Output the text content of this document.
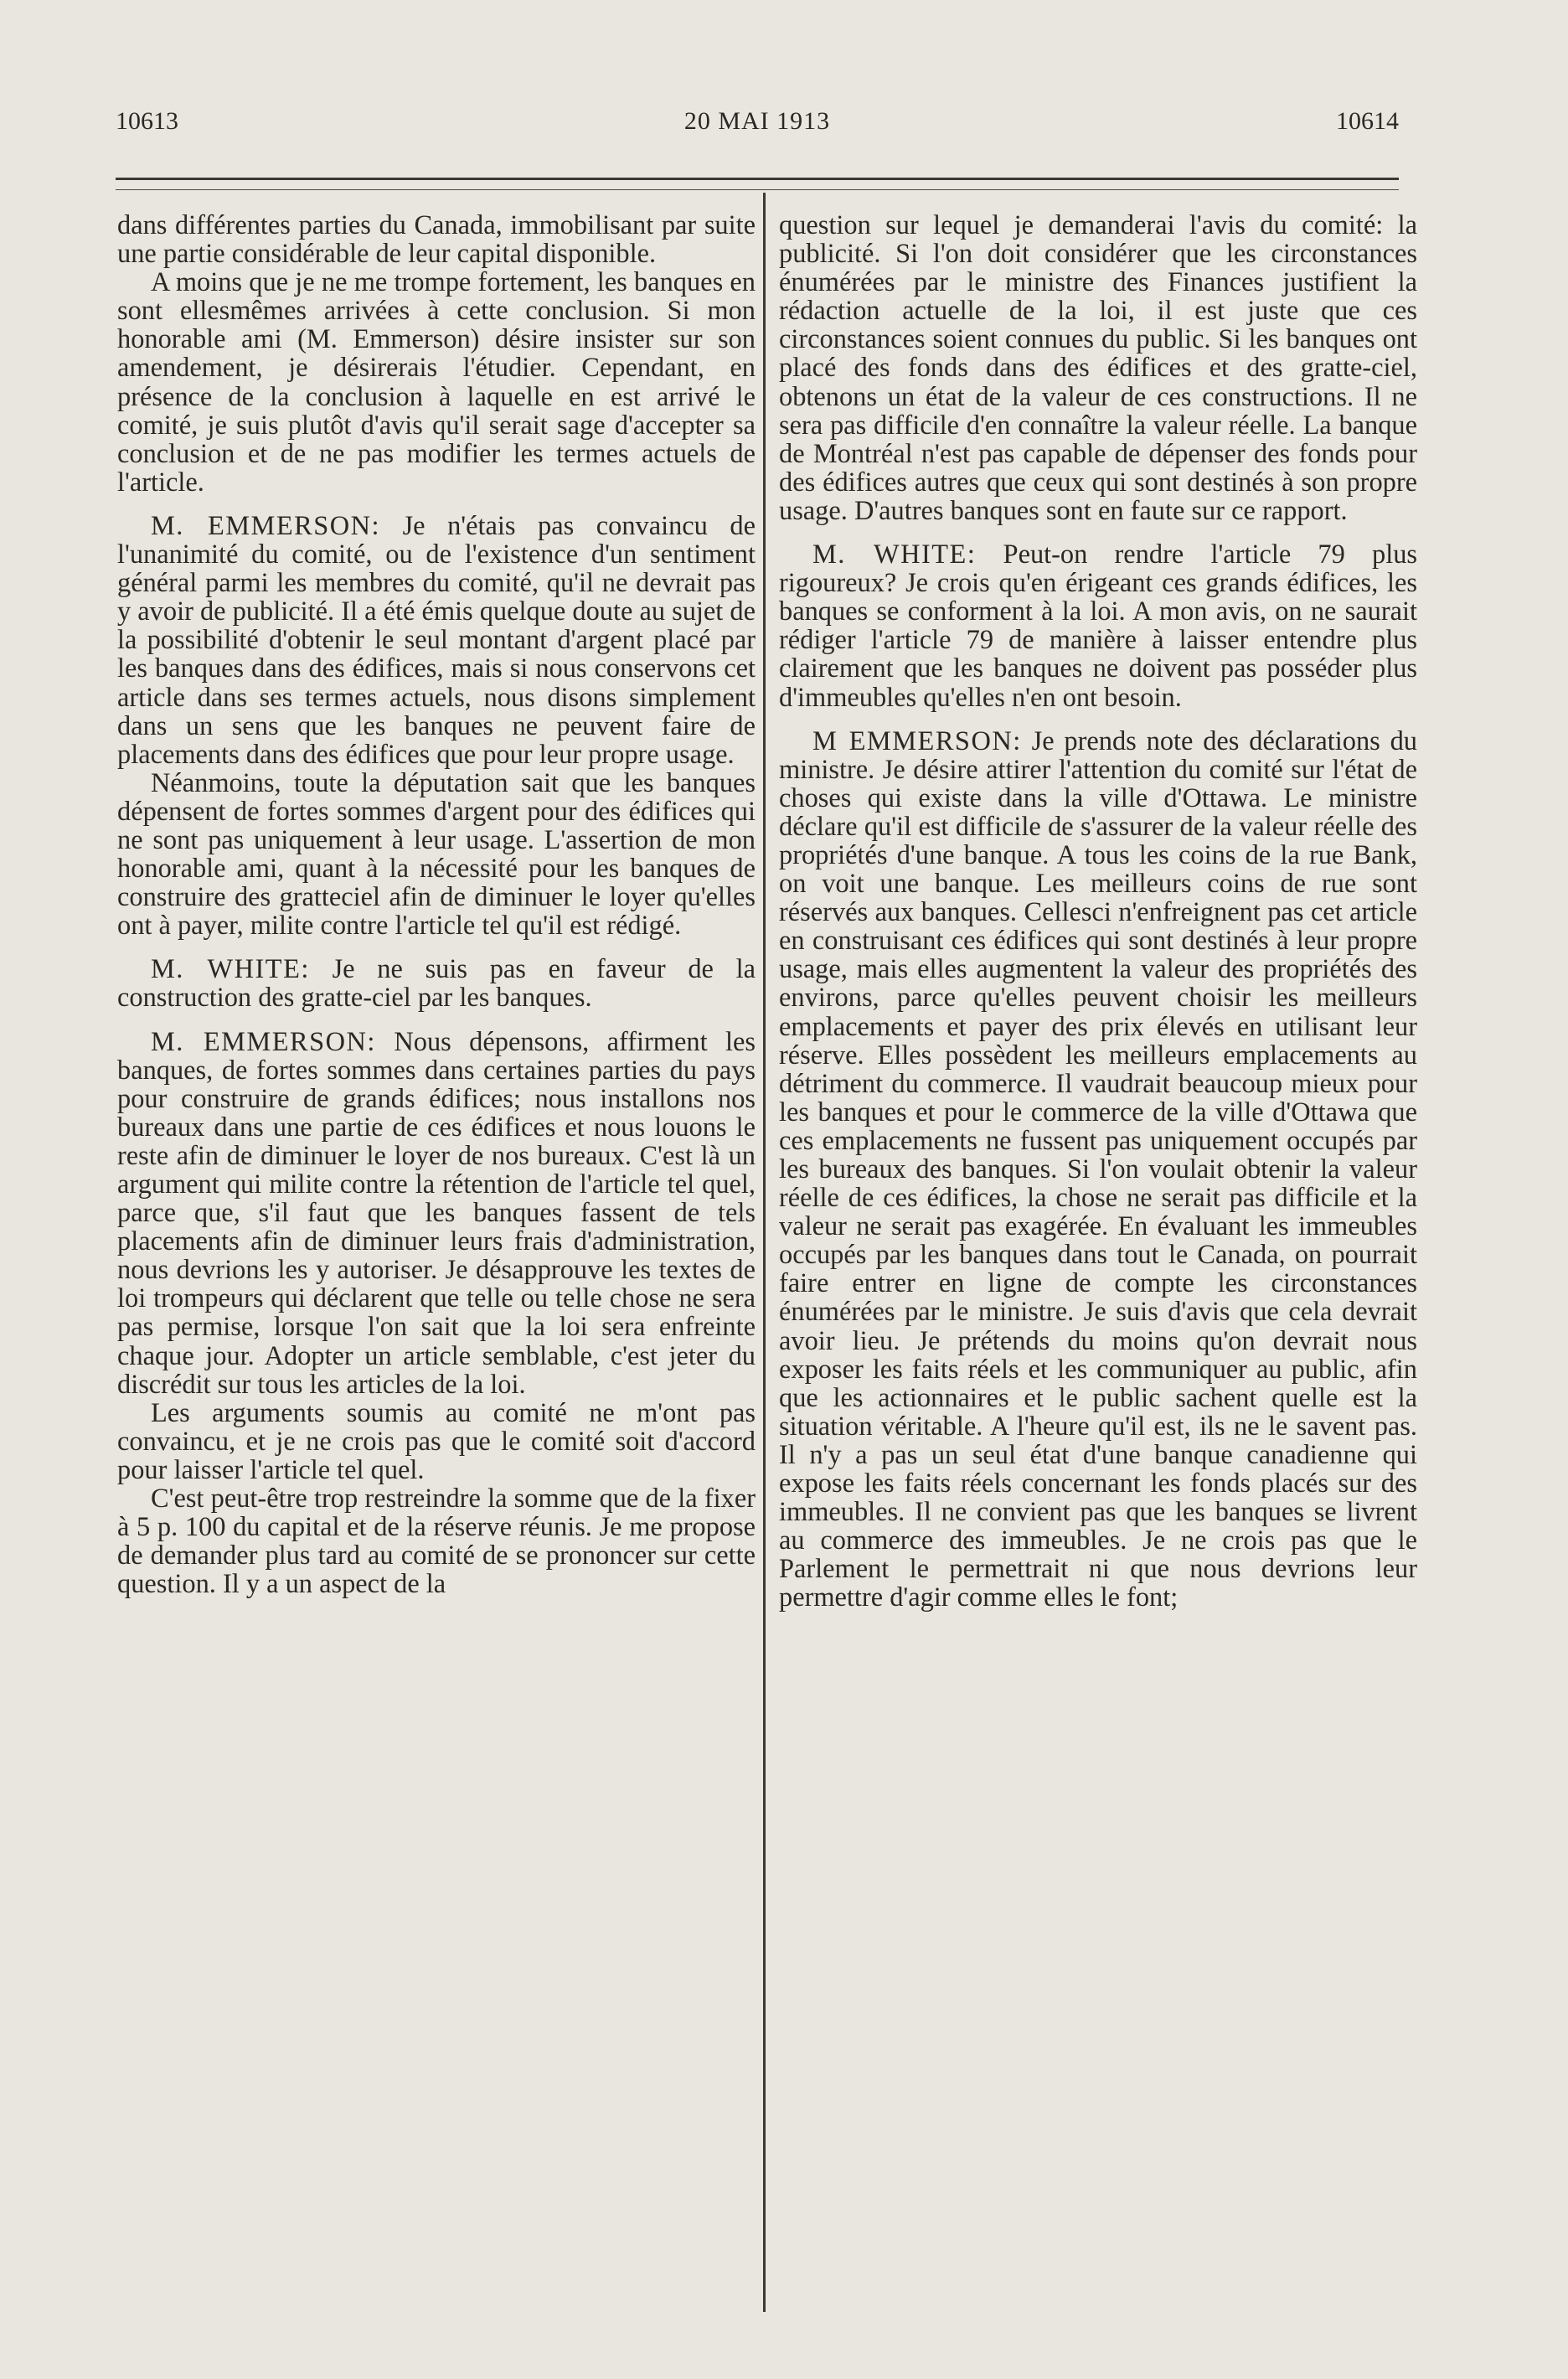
10613	20 MAI 1913	10614

dans différentes parties du Canada, immobilisant par suite une partie considérable de leur capital disponible.

A moins que je ne me trompe fortement, les banques en sont ellesmêmes arrivées à cette conclusion. Si mon honorable ami (M. Emmerson) désire insister sur son amendement, je désirerais l'étudier. Cependant, en présence de la conclusion à laquelle en est arrivé le comité, je suis plutôt d'avis qu'il serait sage d'accepter sa conclusion et de ne pas modifier les termes actuels de l'article.

M. EMMERSON: Je n'étais pas convaincu de l'unanimité du comité, ou de l'existence d'un sentiment général parmi les membres du comité, qu'il ne devrait pas y avoir de publicité. Il a été émis quelque doute au sujet de la possibilité d'obtenir le seul montant d'argent placé par les banques dans des édifices, mais si nous conservons cet article dans ses termes actuels, nous disons simplement dans un sens que les banques ne peuvent faire de placements dans des édifices que pour leur propre usage.

Néanmoins, toute la députation sait que les banques dépensent de fortes sommes d'argent pour des édifices qui ne sont pas uniquement à leur usage. L'assertion de mon honorable ami, quant à la nécessité pour les banques de construire des gratteciel afin de diminuer le loyer qu'elles ont à payer, milite contre l'article tel qu'il est rédigé.

M. WHITE: Je ne suis pas en faveur de la construction des gratte-ciel par les banques.

M. EMMERSON: Nous dépensons, affirment les banques, de fortes sommes dans certaines parties du pays pour construire de grands édifices; nous installons nos bureaux dans une partie de ces édifices et nous louons le reste afin de diminuer le loyer de nos bureaux. C'est là un argument qui milite contre la rétention de l'article tel quel, parce que, s'il faut que les banques fassent de tels placements afin de diminuer leurs frais d'administration, nous devrions les y autoriser. Je désapprouve les textes de loi trompeurs qui déclarent que telle ou telle chose ne sera pas permise, lorsque l'on sait que la loi sera enfreinte chaque jour. Adopter un article semblable, c'est jeter du discrédit sur tous les articles de la loi.

Les arguments soumis au comité ne m'ont pas convaincu, et je ne crois pas que le comité soit d'accord pour laisser l'article tel quel.

C'est peut-être trop restreindre la somme que de la fixer à 5 p. 100 du capital et de la réserve réunis. Je me propose de demander plus tard au comité de se prononcer sur cette question. Il y a un aspect de la

question sur lequel je demanderai l'avis du comité: la publicité. Si l'on doit considérer que les circonstances énumérées par le ministre des Finances justifient la rédaction actuelle de la loi, il est juste que ces circonstances soient connues du public. Si les banques ont placé des fonds dans des édifices et des gratte-ciel, obtenons un état de la valeur de ces constructions. Il ne sera pas difficile d'en connaître la valeur réelle. La banque de Montréal n'est pas capable de dépenser des fonds pour des édifices autres que ceux qui sont destinés à son propre usage. D'autres banques sont en faute sur ce rapport.

M. WHITE: Peut-on rendre l'article 79 plus rigoureux? Je crois qu'en érigeant ces grands édifices, les banques se conforment à la loi. A mon avis, on ne saurait rédiger l'article 79 de manière à laisser entendre plus clairement que les banques ne doivent pas posséder plus d'immeubles qu'elles n'en ont besoin.

M EMMERSON: Je prends note des déclarations du ministre. Je désire attirer l'attention du comité sur l'état de choses qui existe dans la ville d'Ottawa. Le ministre déclare qu'il est difficile de s'assurer de la valeur réelle des propriétés d'une banque. A tous les coins de la rue Bank, on voit une banque. Les meilleurs coins de rue sont réservés aux banques. Cellesci n'enfreignent pas cet article en construisant ces édifices qui sont destinés à leur propre usage, mais elles augmentent la valeur des propriétés des environs, parce qu'elles peuvent choisir les meilleurs emplacements et payer des prix élevés en utilisant leur réserve. Elles possèdent les meilleurs emplacements au détriment du commerce. Il vaudrait beaucoup mieux pour les banques et pour le commerce de la ville d'Ottawa que ces emplacements ne fussent pas uniquement occupés par les bureaux des banques. Si l'on voulait obtenir la valeur réelle de ces édifices, la chose ne serait pas difficile et la valeur ne serait pas exagérée. En évaluant les immeubles occupés par les banques dans tout le Canada, on pourrait faire entrer en ligne de compte les circonstances énumérées par le ministre. Je suis d'avis que cela devrait avoir lieu. Je prétends du moins qu'on devrait nous exposer les faits réels et les communiquer au public, afin que les actionnaires et le public sachent quelle est la situation véritable. A l'heure qu'il est, ils ne le savent pas. Il n'y a pas un seul état d'une banque canadienne qui expose les faits réels concernant les fonds placés sur des immeubles. Il ne convient pas que les banques se livrent au commerce des immeubles. Je ne crois pas que le Parlement le permettrait ni que nous devrions leur permettre d'agir comme elles le font;
